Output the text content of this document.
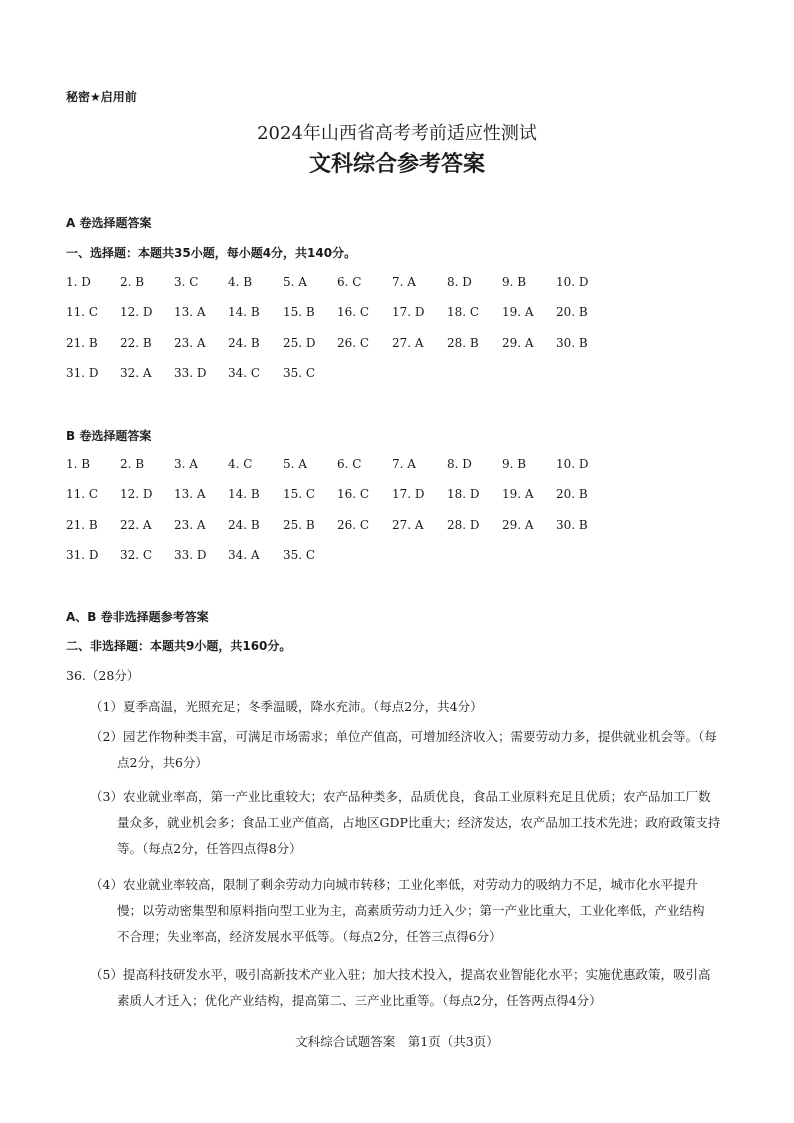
秘密★启用前
2024年山西省高考考前适应性测试
文科综合参考答案
A 卷选择题答案
一、选择题：本题共35小题，每小题4分，共140分。
1. D 2. B 3. C 4. B	5. A	6. C	7. A	8. D	9. B 10. D
11. C 12. D 13. A 14. B 15. B 16. C 17. D 18. C 19. A 20. B
21. B 22. B 23. A 24. B 25. D 26. C 27. A 28. B 29. A 30. B
31. D 32. A 33. D 34. C 35. C
B 卷选择题答案
1. B 2. B 3. A	4. C	5. A	6. C	7. A	8. D	9. B 10. D
11. C 12. D 13. A 14. B 15. C 16. C 17. D 18. D 19. A 20. B
21. B 22. A 23. A 24. B 25. B 26. C 27. A 28. D 29. A 30. B
31. D 32. C 33. D 34. A 35. C
A、B 卷非选择题参考答案
二、非选择题：本题共9小题，共160分。
36.（28分）
（1）夏季高温，光照充足；冬季温暖，降水充沛。（每点2分，共4分）
（2）园艺作物种类丰富，可满足市场需求；单位产值高，可增加经济收入；需要劳动力多，提供就业机会等。（每
点2分，共6分）
（3）农业就业率高，第一产业比重较大；农产品种类多，品质优良，食品工业原料充足且优质；农产品加工厂数
量众多，就业机会多；食品工业产值高，占地区GDP比重大；经济发达，农产品加工技术先进；政府政策支持
等。（每点2分，任答四点得8分）
（4）农业就业率较高，限制了剩余劳动力向城市转移；工业化率低，对劳动力的吸纳力不足，城市化水平提升
慢；以劳动密集型和原料指向型工业为主，高素质劳动力迁入少；第一产业比重大，工业化率低，产业结构
不合理；失业率高，经济发展水平低等。（每点2分，任答三点得6分）
（5）提高科技研发水平，吸引高新技术产业入驻；加大技术投入，提高农业智能化水平；实施优惠政策，吸引高
素质人才迁入；优化产业结构，提高第二、三产业比重等。（每点2分，任答两点得4分）
文科综合试题答案　第1页（共3页）
